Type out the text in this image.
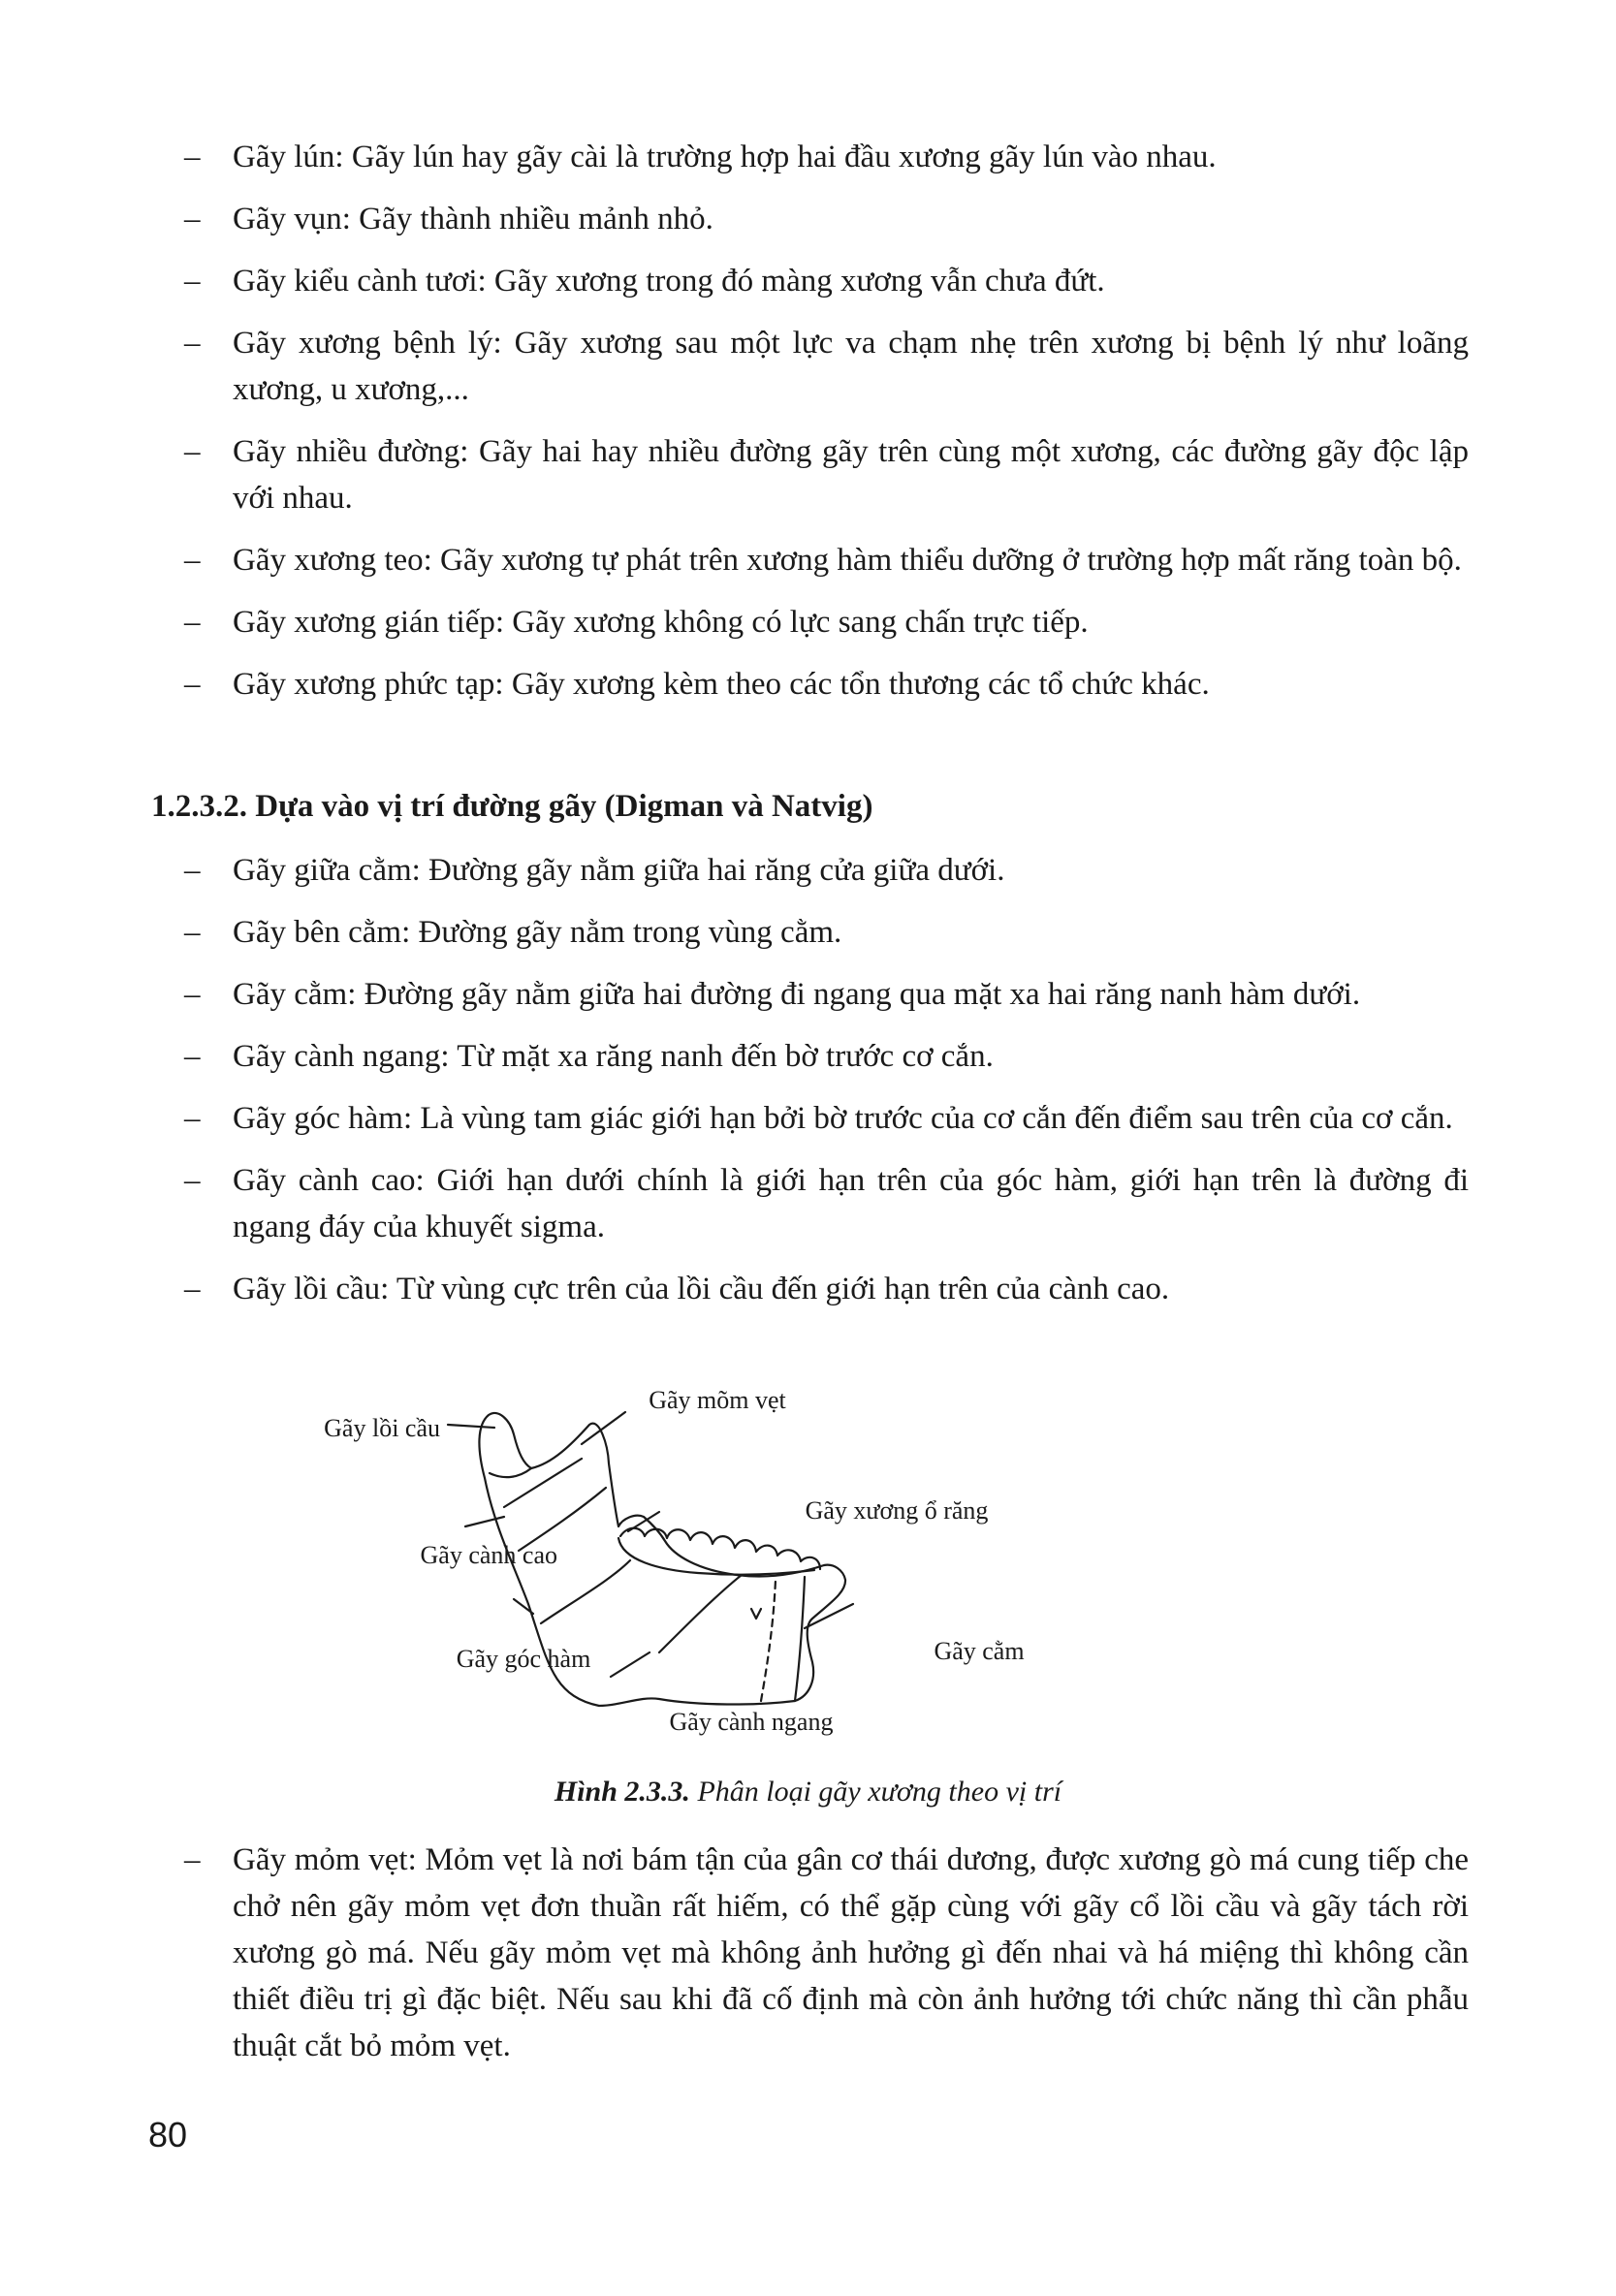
– Gãy lún: Gãy lún hay gãy cài là trường hợp hai đầu xương gãy lún vào nhau.
– Gãy vụn: Gãy thành nhiều mảnh nhỏ.
– Gãy kiểu cành tươi: Gãy xương trong đó màng xương vẫn chưa đứt.
– Gãy xương bệnh lý: Gãy xương sau một lực va chạm nhẹ trên xương bị bệnh lý như loãng xương, u xương,...
– Gãy nhiều đường: Gãy hai hay nhiều đường gãy trên cùng một xương, các đường gãy độc lập với nhau.
– Gãy xương teo: Gãy xương tự phát trên xương hàm thiểu dưỡng ở trường hợp mất răng toàn bộ.
– Gãy xương gián tiếp: Gãy xương không có lực sang chấn trực tiếp.
– Gãy xương phức tạp: Gãy xương kèm theo các tổn thương các tổ chức khác.
1.2.3.2. Dựa vào vị trí đường gãy (Digman và Natvig)
– Gãy giữa cằm: Đường gãy nằm giữa hai răng cửa giữa dưới.
– Gãy bên cằm: Đường gãy nằm trong vùng cằm.
– Gãy cằm: Đường gãy nằm giữa hai đường đi ngang qua mặt xa hai răng nanh hàm dưới.
– Gãy cành ngang: Từ mặt xa răng nanh đến bờ trước cơ cắn.
– Gãy góc hàm: Là vùng tam giác giới hạn bởi bờ trước của cơ cắn đến điểm sau trên của cơ cắn.
– Gãy cành cao: Giới hạn dưới chính là giới hạn trên của góc hàm, giới hạn trên là đường đi ngang đáy của khuyết sigma.
– Gãy lồi cầu: Từ vùng cực trên của lồi cầu đến giới hạn trên của cành cao.
Gãy mõm vẹt
Gãy lồi cầu
Gãy xương ổ răng
Gãy cành cao
Gãy cằm
Gãy góc hàm
Gãy cành ngang

Hình 2.3.3. Phân loại gãy xương theo vị trí

– Gãy mỏm vẹt: Mỏm vẹt là nơi bám tận của gân cơ thái dương, được xương gò má cung tiếp che chở nên gãy mỏm vẹt đơn thuần rất hiếm, có thể gặp cùng với gãy cổ lồi cầu và gãy tách rời xương gò má. Nếu gãy mỏm vẹt mà không ảnh hưởng gì đến nhai và há miệng thì không cần thiết điều trị gì đặc biệt. Nếu sau khi đã cố định mà còn ảnh hưởng tới chức năng thì cần phẫu thuật cắt bỏ mỏm vẹt.
80
